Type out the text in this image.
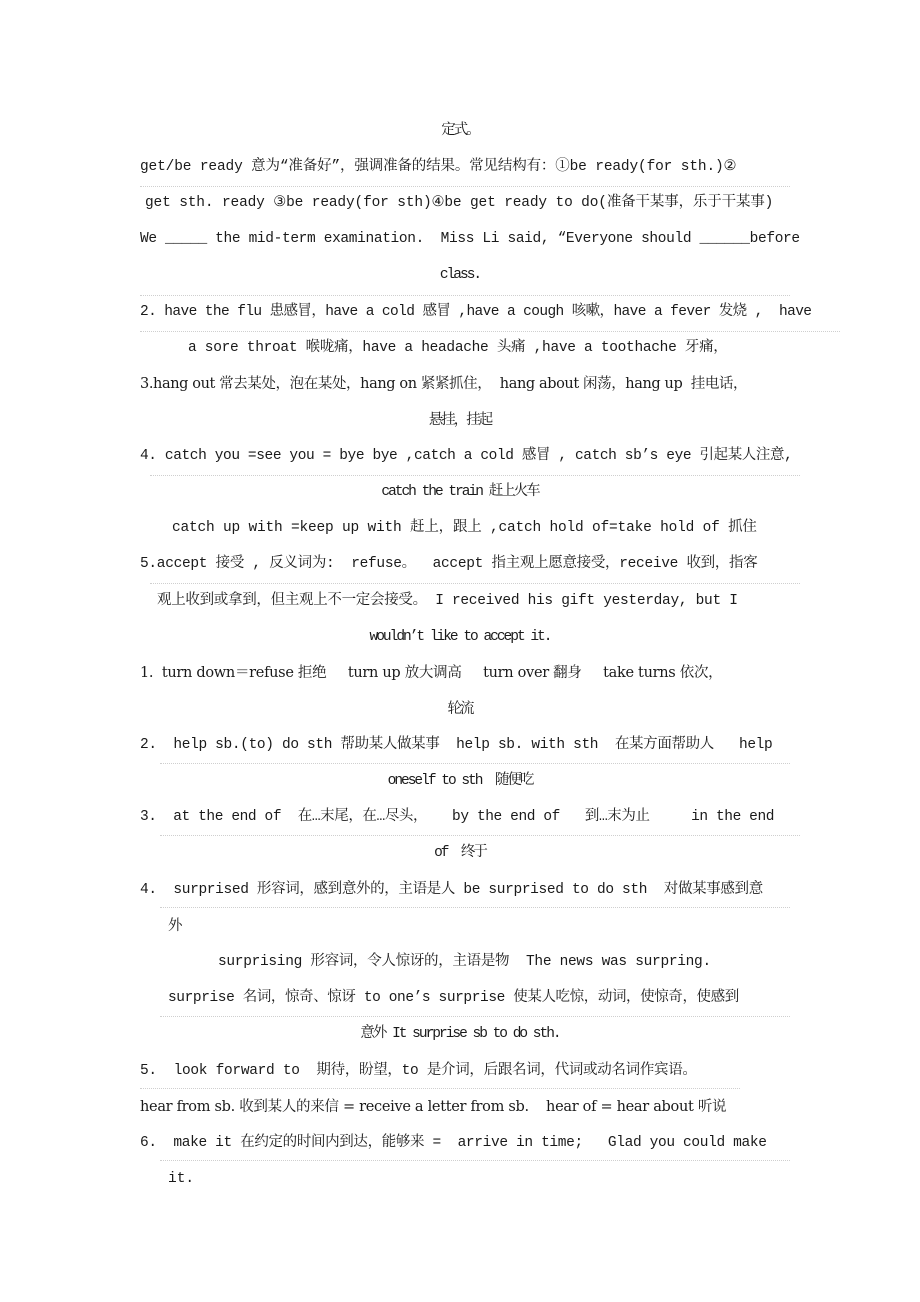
定式。
get/be ready 意为“准备好”，强调准备的结果。常见结构有：①be ready(for sth.)②
get sth. ready ③be ready(for sth)④be get ready to do(准备干某事，乐于干某事)
We _____ the mid-term examination.  Miss Li said, “Everyone should ______before
class.
2. have the flu 患感冒，have a cold 感冒 ,have a cough 咳嗽，have a fever 发烧 ,  have
a sore throat 喉咙痛，have a headache 头痛 ,have a toothache 牙痛，
3.hang out 常去某处，泡在某处，hang on 紧紧抓住，  hang about 闲荡，hang up  挂电话，
悬挂，挂起
4. catch you =see you = bye bye ,catch a cold 感冒 , catch sb’s eye 引起某人注意,
catch the train 赶上火车
catch up with =keep up with 赶上，跟上 ,catch hold of=take hold of 抓住
5.accept 接受 , 反义词为:  refuse。  accept 指主观上愿意接受，receive 收到，指客
观上收到或拿到，但主观上不一定会接受。 I received his gift yesterday, but I
wouldn’t like to accept it.
1.  turn down＝refuse 拒绝     turn up 放大调高     turn over 翻身     take turns 依次，
轮流
2.  help sb.(to) do sth 帮助某人做某事  help sb. with sth  在某方面帮助人   help
oneself to sth  随便吃
3.  at the end of  在…末尾，在…尽头，   by the end of   到…末为止     in the end
of  终于
4.  surprised 形容词，感到意外的，主语是人 be surprised to do sth  对做某事感到意
外
surprising 形容词，令人惊讶的，主语是物  The news was surpring.
surprise 名词，惊奇、惊讶 to one’s surprise 使某人吃惊，动词，使惊奇，使感到
意外 It surprise sb to do sth.
5.  look forward to  期待，盼望，to 是介词，后跟名词，代词或动名词作宾语。
hear from sb. 收到某人的来信 = receive a letter from sb.    hear of = hear about 听说
6.  make it 在约定的时间内到达，能够来 =  arrive in time;   Glad you could make
it.
